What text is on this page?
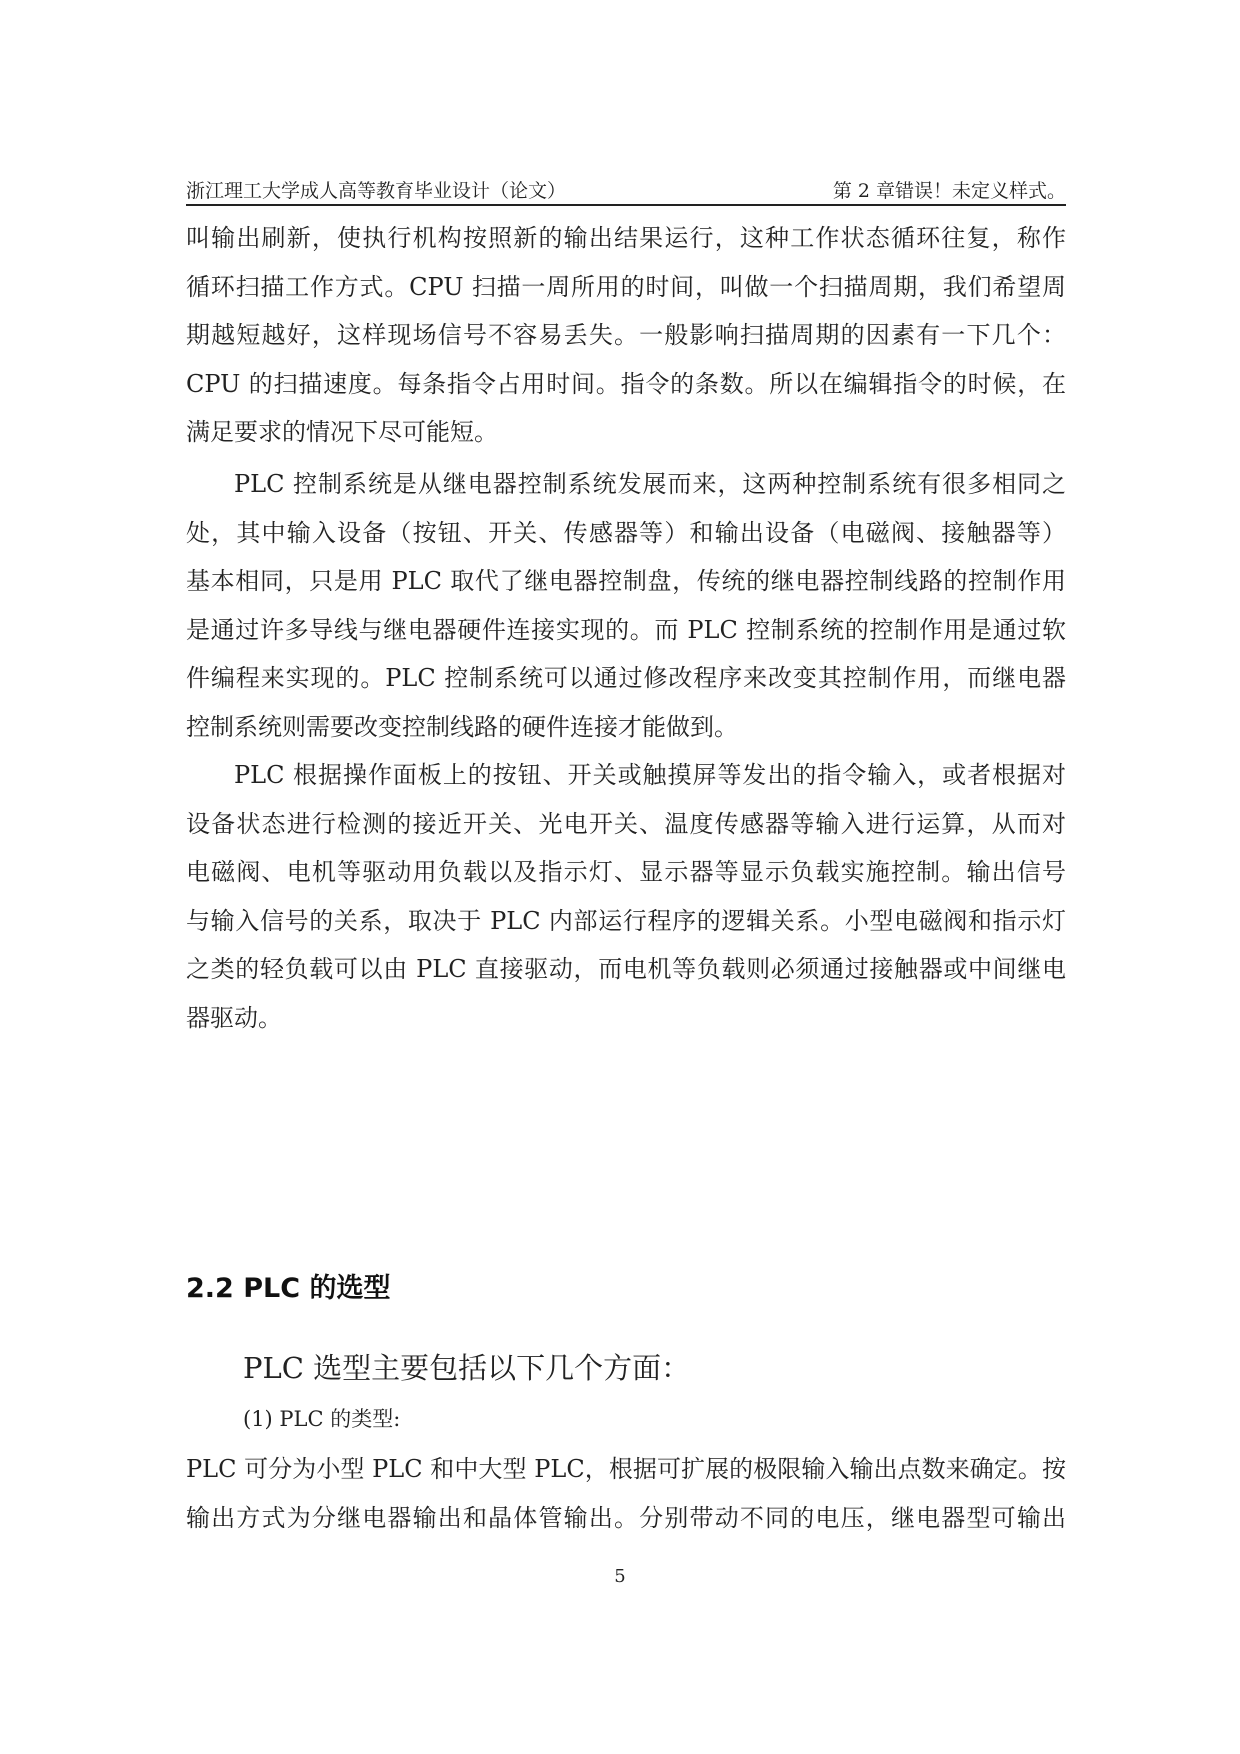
浙江理工大学成人高等教育毕业设计（论文）	第 2 章错误！未定义样式。
叫输出刷新，使执行机构按照新的输出结果运行，这种工作状态循环往复，称作
循环扫描工作方式。CPU 扫描一周所用的时间，叫做一个扫描周期，我们希望周
期越短越好，这样现场信号不容易丢失。一般影响扫描周期的因素有一下几个：
CPU 的扫描速度。每条指令占用时间。指令的条数。所以在编辑指令的时候，在
满足要求的情况下尽可能短。
PLC 控制系统是从继电器控制系统发展而来，这两种控制系统有很多相同之
处，其中输入设备（按钮、开关、传感器等）和输出设备（电磁阀、接触器等）
基本相同，只是用 PLC 取代了继电器控制盘，传统的继电器控制线路的控制作用
是通过许多导线与继电器硬件连接实现的。而 PLC 控制系统的控制作用是通过软
件编程来实现的。PLC 控制系统可以通过修改程序来改变其控制作用，而继电器
控制系统则需要改变控制线路的硬件连接才能做到。
PLC 根据操作面板上的按钮、开关或触摸屏等发出的指令输入，或者根据对
设备状态进行检测的接近开关、光电开关、温度传感器等输入进行运算，从而对
电磁阀、电机等驱动用负载以及指示灯、显示器等显示负载实施控制。输出信号
与输入信号的关系，取决于 PLC 内部运行程序的逻辑关系。小型电磁阀和指示灯
之类的轻负载可以由 PLC 直接驱动，而电机等负载则必须通过接触器或中间继电
器驱动。
2.2 PLC 的选型
PLC 选型主要包括以下几个方面：
(1) PLC 的类型:
PLC 可分为小型 PLC 和中大型 PLC，根据可扩展的极限输入输出点数来确定。按
输出方式为分继电器输出和晶体管输出。分别带动不同的电压，继电器型可输出
5
